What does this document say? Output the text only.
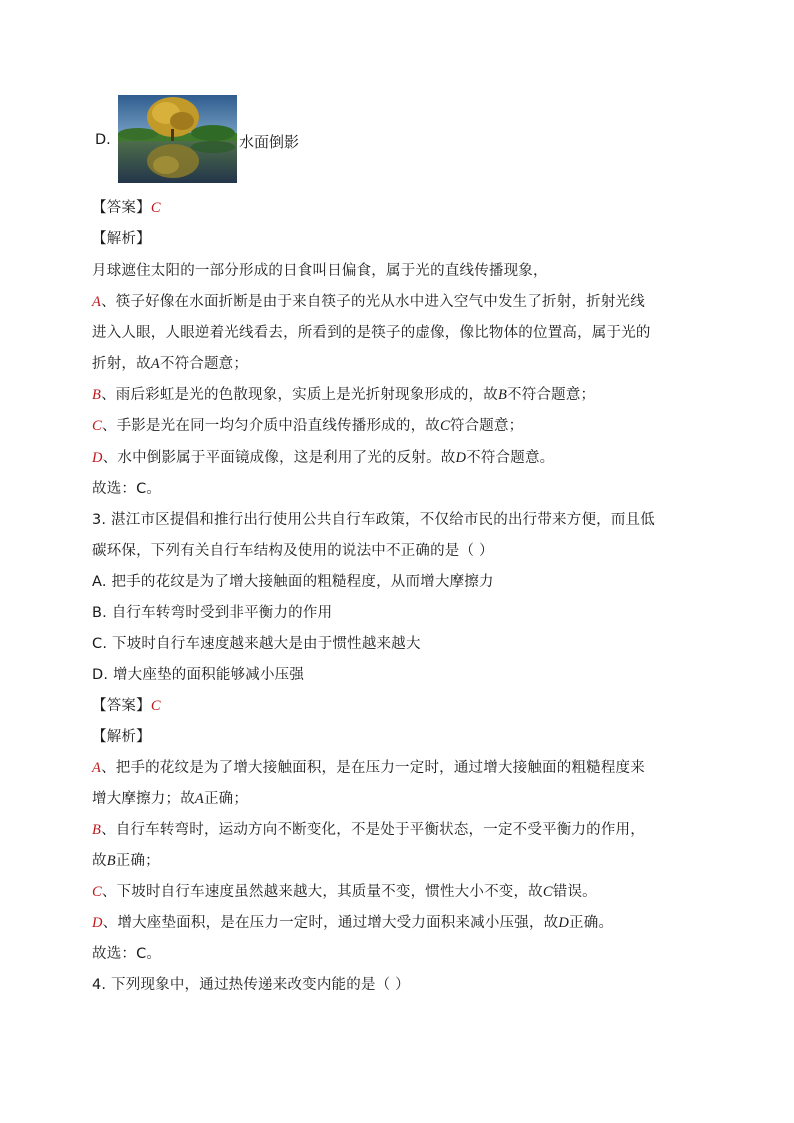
D.	水面倒影
【答案】C
【解析】
月球遮住太阳的一部分形成的日食叫日偏食，属于光的直线传播现象，
A、筷子好像在水面折断是由于来自筷子的光从水中进入空气中发生了折射，折射光线
进入人眼，人眼逆着光线看去，所看到的是筷子的虚像，像比物体的位置高，属于光的
折射，故A不符合题意；
B、雨后彩虹是光的色散现象，实质上是光折射现象形成的，故B不符合题意；
C、手影是光在同一均匀介质中沿直线传播形成的，故C符合题意；
D、水中倒影属于平面镜成像，这是利用了光的反射。故D不符合题意。
故选：C。
3. 湛江市区提倡和推行出行使用公共自行车政策，不仅给市民的出行带来方便，而且低
碳环保，下列有关自行车结构及使用的说法中不正确的是（ ）
A. 把手的花纹是为了增大接触面的粗糙程度，从而增大摩擦力
B. 自行车转弯时受到非平衡力的作用
C. 下坡时自行车速度越来越大是由于惯性越来越大
D. 增大座垫的面积能够减小压强
【答案】C
【解析】
A、把手的花纹是为了增大接触面积，是在压力一定时，通过增大接触面的粗糙程度来
增大摩擦力；故A正确；
B、自行车转弯时，运动方向不断变化，不是处于平衡状态，一定不受平衡力的作用，
故B正确；
C、下坡时自行车速度虽然越来越大，其质量不变，惯性大小不变，故C错误。
D、增大座垫面积，是在压力一定时，通过增大受力面积来减小压强，故D正确。
故选：C。
4. 下列现象中，通过热传递来改变内能的是（ ）
